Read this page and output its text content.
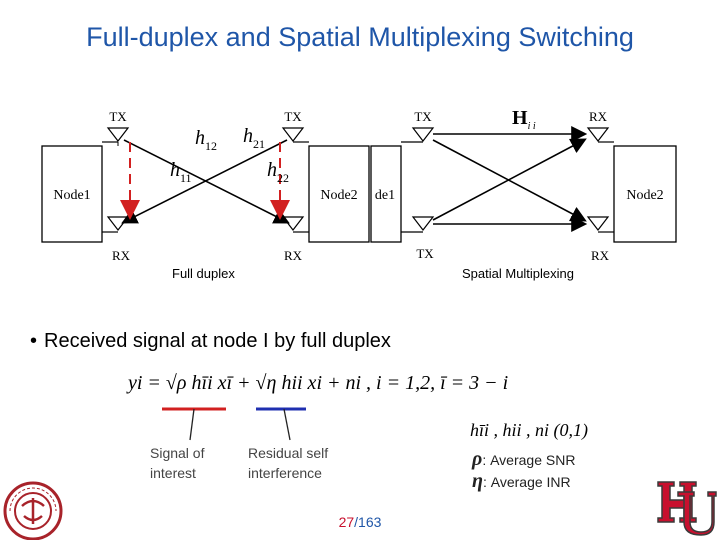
Full-duplex and Spatial Multiplexing Switching
Node1	Node2
TX
RX
TX
RX
$h_{12}$ $h_{21}$
$h_{11}$	$h_{22}$
de1	Node2
TX
TX
RX
RX
$H_{i i}$
Full duplex	Spatial Multiplexing
• Received signal at node I by full duplex
yi = √ρ hīi xī + √η hii xi + ni , i = 1,2, ī = 3 − i
Signal of
interest
Residual self
interference
hīi , hii , ni (0,1)
ρ: Average SNR
η: Average INR
27/163
